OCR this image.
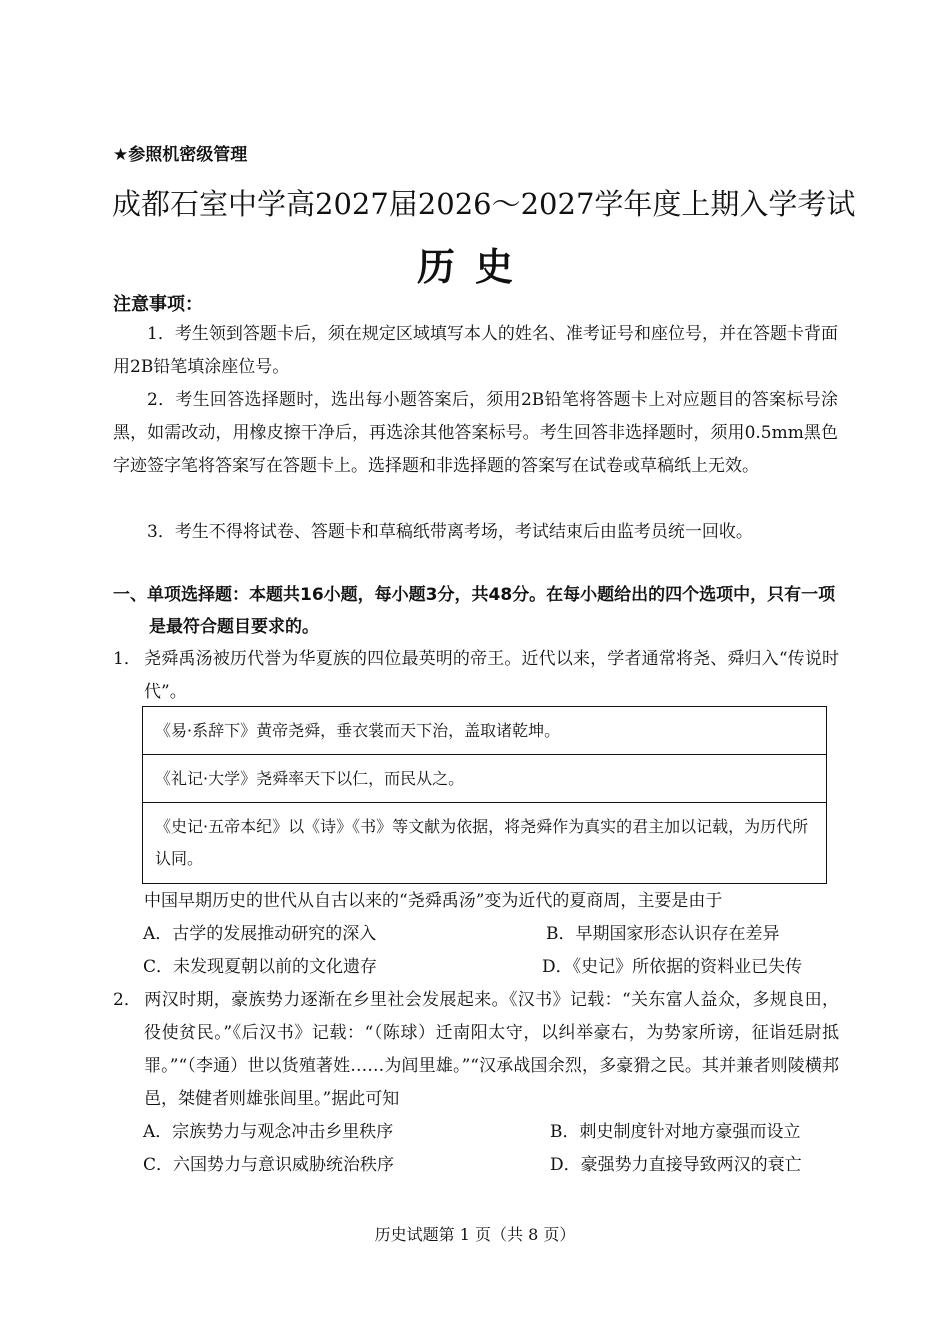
★参照机密级管理
成都石室中学高2027届2026～2027学年度上期入学考试
历史
注意事项：
1．考生领到答题卡后，须在规定区域填写本人的姓名、准考证号和座位号，并在答题卡背面用2B铅笔填涂座位号。
2．考生回答选择题时，选出每小题答案后，须用2B铅笔将答题卡上对应题目的答案标号涂黑，如需改动，用橡皮擦干净后，再选涂其他答案标号。考生回答非选择题时，须用0.5mm黑色字迹签字笔将答案写在答题卡上。选择题和非选择题的答案写在试卷或草稿纸上无效。
3．考生不得将试卷、答题卡和草稿纸带离考场，考试结束后由监考员统一回收。
一、单项选择题：本题共16小题，每小题3分，共48分。在每小题给出的四个选项中，只有一项是最符合题目要求的。
1． 尧舜禹汤被历代誉为华夏族的四位最英明的帝王。近代以来，学者通常将尧、舜归入“传说时代”。
《易·系辞下》黄帝尧舜，垂衣裳而天下治，盖取诸乾坤。
《礼记·大学》尧舜率天下以仁，而民从之。
《史记·五帝本纪》以《诗》《书》等文献为依据，将尧舜作为真实的君主加以记载，为历代所认同。
中国早期历史的世代从自古以来的“尧舜禹汤”变为近代的夏商周，主要是由于
A．古学的发展推动研究的深入	B．早期国家形态认识存在差异
C．未发现夏朝以前的文化遗存	D．《史记》所依据的资料业已失传
2． 两汉时期，豪族势力逐渐在乡里社会发展起来。《汉书》记载：“关东富人益众，多规良田，役使贫民。”《后汉书》记载：“（陈球）迁南阳太守，以纠举豪右，为势家所谤，征诣廷尉抵罪。”“（李通）世以货殖著姓……为闾里雄。”“汉承战国余烈，多豪猾之民。其并兼者则陵横邦邑，桀健者则雄张闾里。”据此可知
A．宗族势力与观念冲击乡里秩序	B．刺史制度针对地方豪强而设立
C．六国势力与意识威胁统治秩序	D．豪强势力直接导致两汉的衰亡
历史试题第 1 页（共 8 页）
